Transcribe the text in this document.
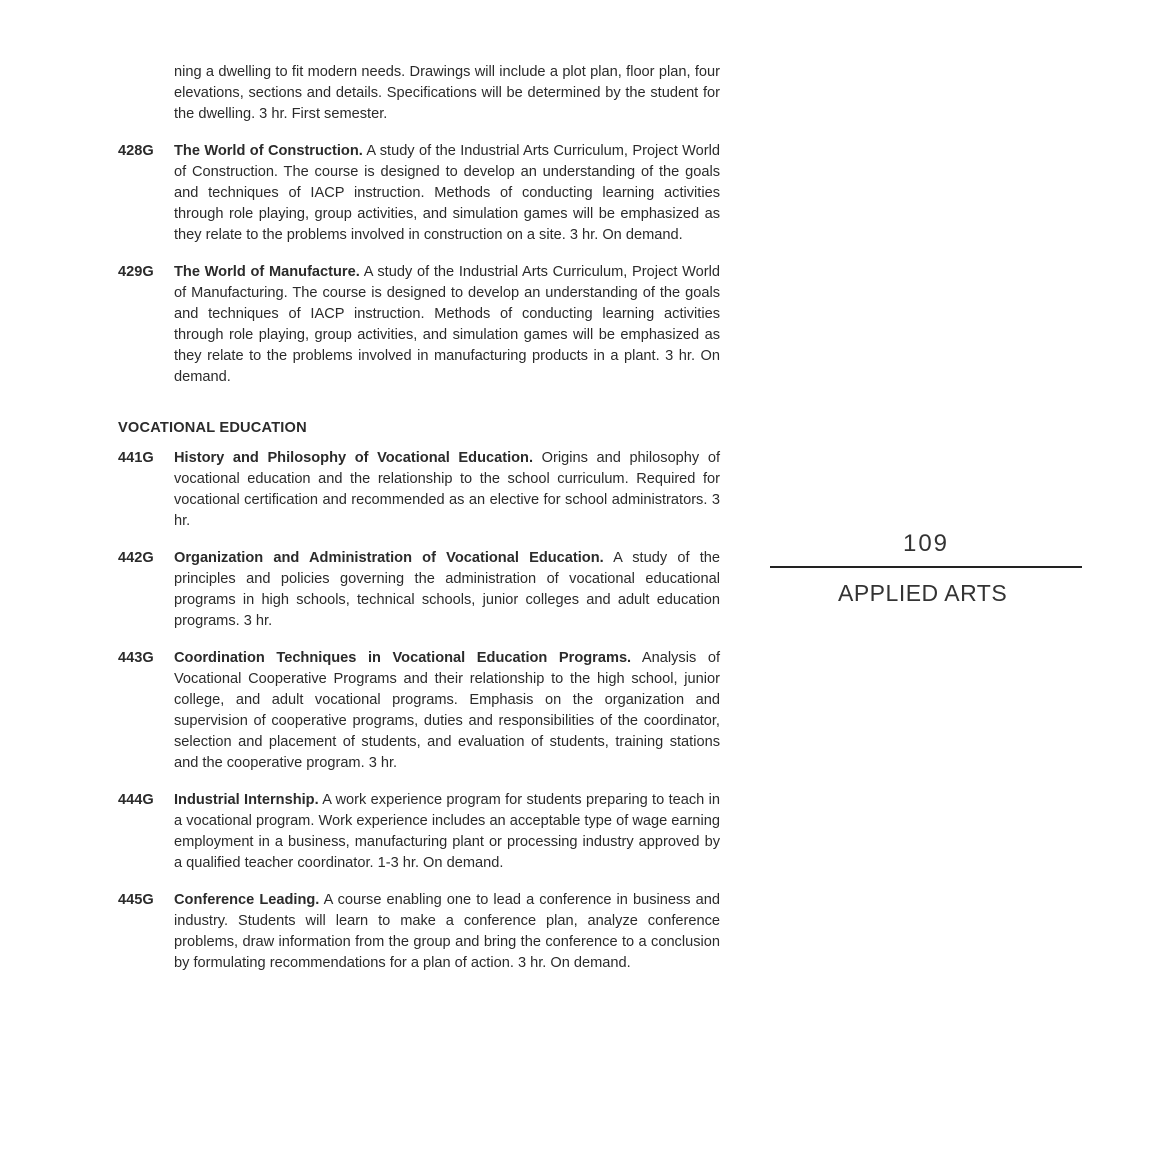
ning a dwelling to fit modern needs. Drawings will include a plot plan, floor plan, four elevations, sections and details. Specifications will be determined by the student for the dwelling. 3 hr. First semester.
428G	The World of Construction. A study of the Industrial Arts Curriculum, Project World of Construction. The course is designed to develop an understanding of the goals and techniques of IACP instruction. Methods of conducting learning activities through role playing, group activities, and simulation games will be emphasized as they relate to the problems involved in construction on a site. 3 hr. On demand.
429G	The World of Manufacture. A study of the Industrial Arts Curriculum, Project World of Manufacturing. The course is designed to develop an understanding of the goals and techniques of IACP instruction. Methods of conducting learning activities through role playing, group activities, and simulation games will be emphasized as they relate to the problems involved in manufacturing products in a plant. 3 hr. On demand.
VOCATIONAL EDUCATION
441G	History and Philosophy of Vocational Education. Origins and philosophy of vocational education and the relationship to the school curriculum. Required for vocational certification and recommended as an elective for school administrators. 3 hr.
442G	Organization and Administration of Vocational Education. A study of the principles and policies governing the administration of vocational educational programs in high schools, technical schools, junior colleges and adult education programs. 3 hr.
443G	Coordination Techniques in Vocational Education Programs. Analysis of Vocational Cooperative Programs and their relationship to the high school, junior college, and adult vocational programs. Emphasis on the organization and supervision of cooperative programs, duties and responsibilities of the coordinator, selection and placement of students, and evaluation of students, training stations and the cooperative program. 3 hr.
444G	Industrial Internship. A work experience program for students preparing to teach in a vocational program. Work experience includes an acceptable type of wage earning employment in a business, manufacturing plant or processing industry approved by a qualified teacher coordinator. 1-3 hr. On demand.
445G	Conference Leading. A course enabling one to lead a conference in business and industry. Students will learn to make a conference plan, analyze conference problems, draw information from the group and bring the conference to a conclusion by formulating recommendations for a plan of action. 3 hr. On demand.
109
APPLIED ARTS
